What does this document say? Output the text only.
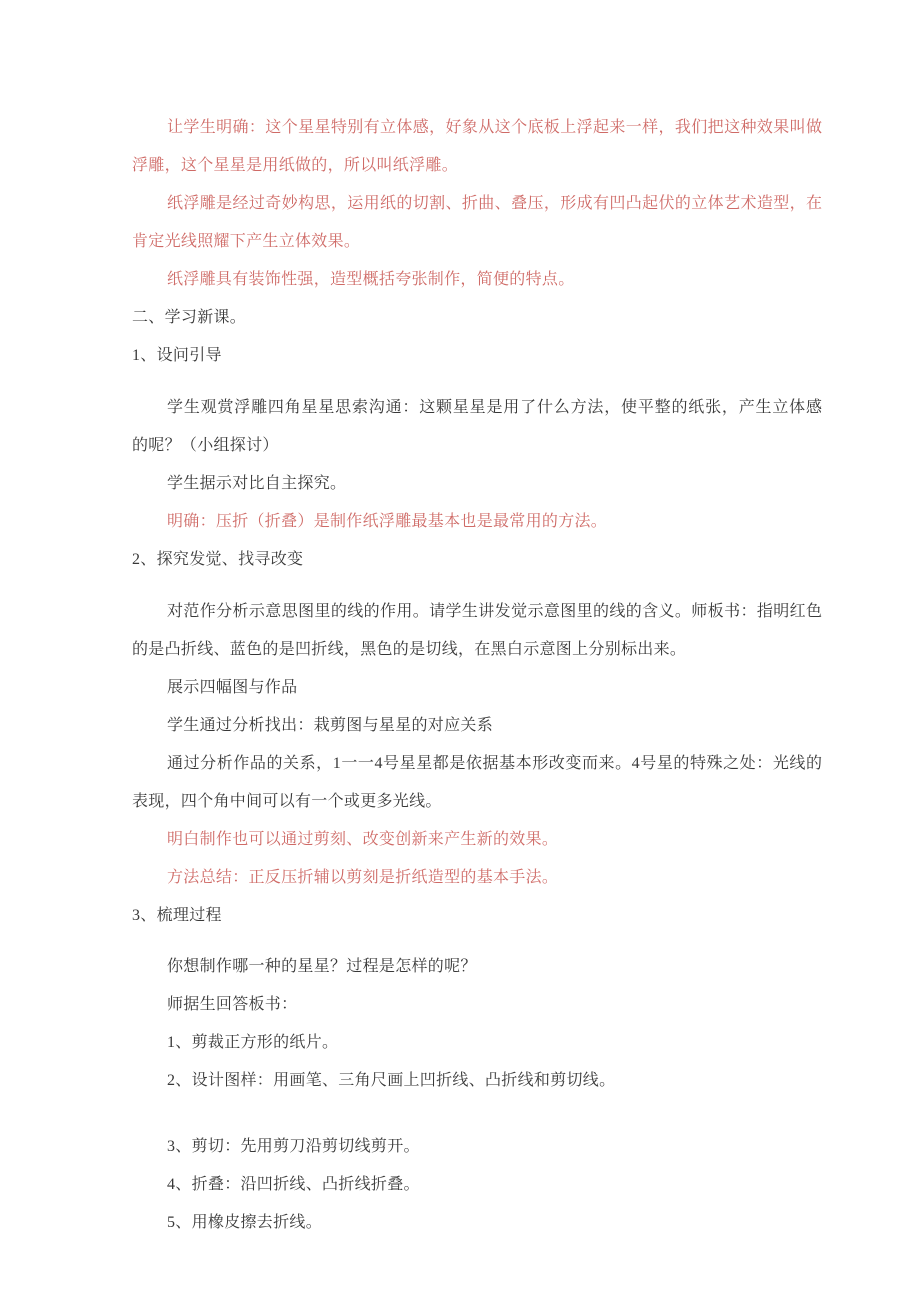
让学生明确：这个星星特别有立体感，好象从这个底板上浮起来一样，我们把这种效果叫做
浮雕，这个星星是用纸做的，所以叫纸浮雕。
纸浮雕是经过奇妙构思，运用纸的切割、折曲、叠压，形成有凹凸起伏的立体艺术造型，在
肯定光线照耀下产生立体效果。
纸浮雕具有装饰性强，造型概括夸张制作，简便的特点。
二、学习新课。
1、设问引导
学生观赏浮雕四角星星思索沟通：这颗星星是用了什么方法，使平整的纸张，产生立体感
的呢？（小组探讨）
学生据示对比自主探究。
明确：压折（折叠）是制作纸浮雕最基本也是最常用的方法。
2、探究发觉、找寻改变
对范作分析示意思图里的线的作用。请学生讲发觉示意图里的线的含义。师板书：指明红色
的是凸折线、蓝色的是凹折线，黑色的是切线，在黑白示意图上分别标出来。
展示四幅图与作品
学生通过分析找出：栽剪图与星星的对应关系
通过分析作品的关系，1一一4号星星都是依据基本形改变而来。4号星的特殊之处：光线的
表现，四个角中间可以有一个或更多光线。
明白制作也可以通过剪刻、改变创新来产生新的效果。
方法总结：正反压折辅以剪刻是折纸造型的基本手法。
3、梳理过程
你想制作哪一种的星星？过程是怎样的呢？
师据生回答板书：
1、剪裁正方形的纸片。
2、设计图样：用画笔、三角尺画上凹折线、凸折线和剪切线。
3、剪切：先用剪刀沿剪切线剪开。
4、折叠：沿凹折线、凸折线折叠。
5、用橡皮擦去折线。
